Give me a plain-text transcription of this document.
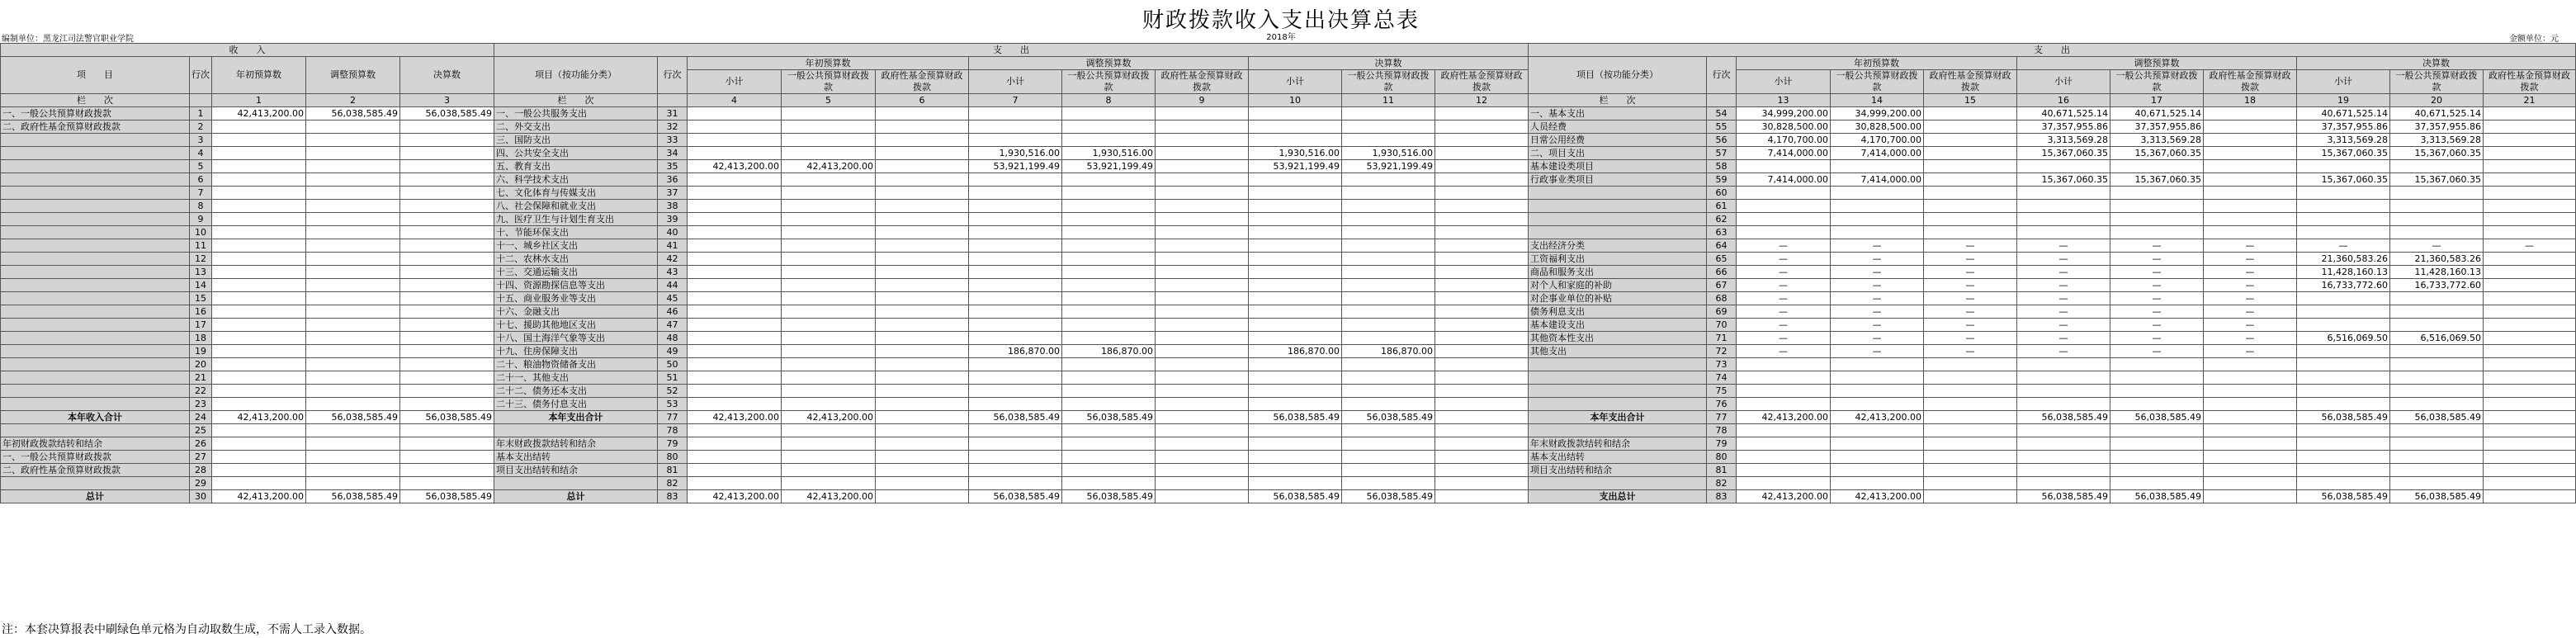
财政拨款收入支出决算总表
2018年
编制单位：黑龙江司法警官职业学院	金额单位：元
收　　入					支　　出											支　　出										
项　　目	行次	年初预算数	调整预算数	决算数	项目（按功能分类）	行次	年初预算数			调整预算数			决算数			项目（按功能分类）	行次	年初预算数			调整预算数			决算数		
							小计	一般公共预算财政拨款	政府性基金预算财政拨款	小计	一般公共预算财政拨款	政府性基金预算财政拨款	小计	一般公共预算财政拨款	政府性基金预算财政拨款			小计	一般公共预算财政拨款	政府性基金预算财政拨款	小计	一般公共预算财政拨款	政府性基金预算财政拨款	小计	一般公共预算财政拨款	政府性基金预算财政拨款

栏　　次		1	2	3	栏　　次		4	5	6	7	8	9	10	11	12	栏　　次		13	14	15	16	17	18	19	20	21
一、一般公共预算财政拨款	1	42,413,200.00	56,038,585.49	56,038,585.49	一、一般公共服务支出	31										一、基本支出	54	34,999,200.00	34,999,200.00		40,671,525.14	40,671,525.14		40,671,525.14	40,671,525.14	
二、政府性基金预算财政拨款	2				二、外交支出	32										人员经费	55	30,828,500.00	30,828,500.00		37,357,955.86	37,357,955.86		37,357,955.86	37,357,955.86	
	3				三、国防支出	33										日常公用经费	56	4,170,700.00	4,170,700.00		3,313,569.28	3,313,569.28		3,313,569.28	3,313,569.28	
	4				四、公共安全支出	34				1,930,516.00	1,930,516.00		1,930,516.00	1,930,516.00		二、项目支出	57	7,414,000.00	7,414,000.00		15,367,060.35	15,367,060.35		15,367,060.35	15,367,060.35	
	5				五、教育支出	35	42,413,200.00	42,413,200.00		53,921,199.49	53,921,199.49		53,921,199.49	53,921,199.49		基本建设类项目	58									
	6				六、科学技术支出	36										行政事业类项目	59	7,414,000.00	7,414,000.00		15,367,060.35	15,367,060.35		15,367,060.35	15,367,060.35	
	7				七、文化体育与传媒支出	37											60									
	8				八、社会保障和就业支出	38											61									
	9				九、医疗卫生与计划生育支出	39											62									
	10				十、节能环保支出	40											63									
	11				十一、城乡社区支出	41										支出经济分类	64	—	—	—	—	—	—	—	—	—
	12				十二、农林水支出	42										工资福利支出	65	—	—	—	—	—	—	21,360,583.26	21,360,583.26	
	13				十三、交通运输支出	43										商品和服务支出	66	—	—	—	—	—	—	11,428,160.13	11,428,160.13	
	14				十四、资源勘探信息等支出	44										对个人和家庭的补助	67	—	—	—	—	—	—	16,733,772.60	16,733,772.60	
	15				十五、商业服务业等支出	45										对企事业单位的补贴	68	—	—	—	—	—	—			
	16				十六、金融支出	46										债务利息支出	69	—	—	—	—	—	—			
	17				十七、援助其他地区支出	47										基本建设支出	70	—	—	—	—	—	—			
	18				十八、国土海洋气象等支出	48										其他资本性支出	71	—	—	—	—	—	—	6,516,069.50	6,516,069.50	
	19				十九、住房保障支出	49				186,870.00	186,870.00		186,870.00	186,870.00		其他支出	72	—	—	—	—	—	—			
	20				二十、粮油物资储备支出	50											73									
	21				二十一、其他支出	51											74									
	22				二十二、债务还本支出	52											75									
	23				二十三、债务付息支出	53											76									
本年收入合计	24	42,413,200.00	56,038,585.49	56,038,585.49	本年支出合计	77	42,413,200.00	42,413,200.00		56,038,585.49	56,038,585.49		56,038,585.49	56,038,585.49		本年支出合计	77	42,413,200.00	42,413,200.00		56,038,585.49	56,038,585.49		56,038,585.49	56,038,585.49	
	25					78											78									
年初财政拨款结转和结余	26				年末财政拨款结转和结余	79										年末财政拨款结转和结余	79									
一、一般公共预算财政拨款	27				基本支出结转	80										基本支出结转	80									
二、政府性基金预算财政拨款	28				项目支出结转和结余	81										项目支出结转和结余	81									
	29					82											82									
总计	30	42,413,200.00	56,038,585.49	56,038,585.49	总计	83	42,413,200.00	42,413,200.00		56,038,585.49	56,038,585.49		56,038,585.49	56,038,585.49		支出总计	83	42,413,200.00	42,413,200.00		56,038,585.49	56,038,585.49		56,038,585.49	56,038,585.49	
注：本套决算报表中刷绿色单元格为自动取数生成，不需人工录入数据。
